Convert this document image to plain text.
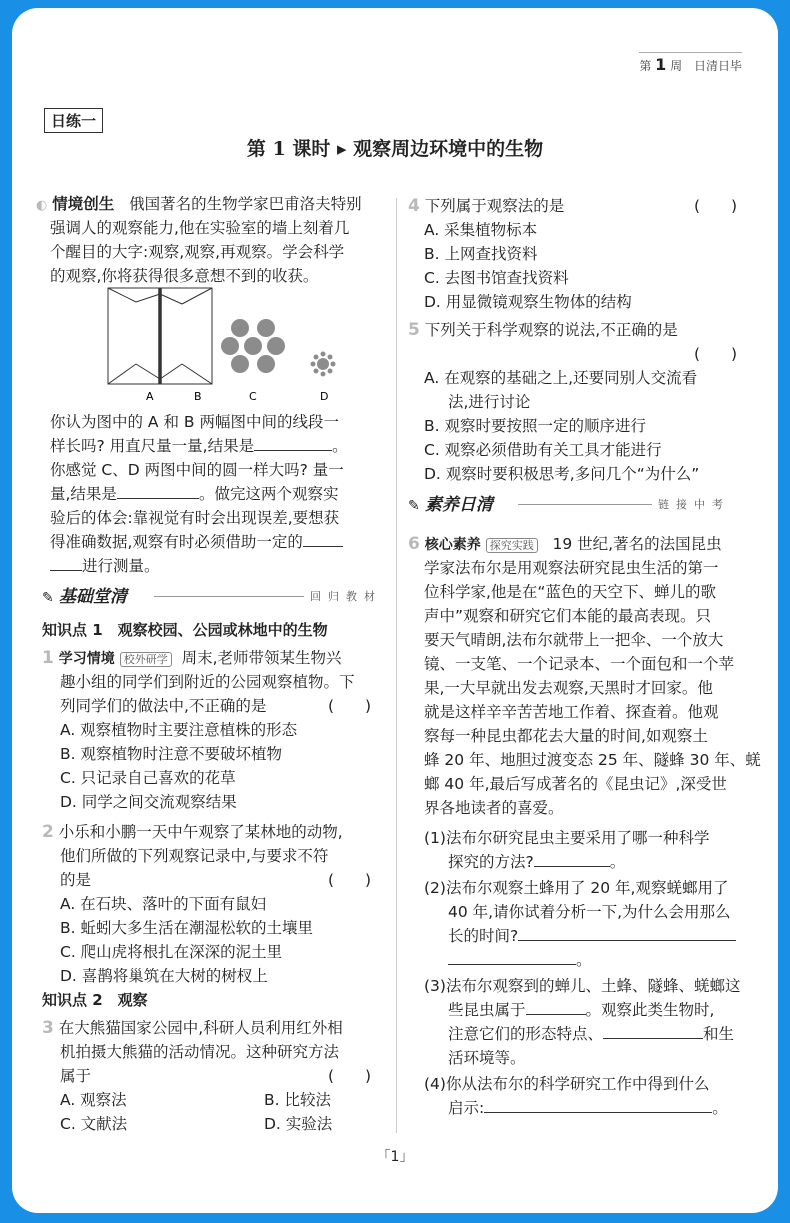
第 1 周 日清日毕
日练一
第 1 课时 ▸ 观察周边环境中的生物
◐ 情境创生 俄国著名的生物学家巴甫洛夫特别
强调人的观察能力,他在实验室的墙上刻着几
个醒目的大字:观察,观察,再观察。学会科学
的观察,你将获得很多意想不到的收获。
A	B	C	D
你认为图中的 A 和 B 两幅图中间的线段一
样长吗? 用直尺量一量,结果是	。
你感觉 C、D 两图中间的圆一样大吗? 量一
量,结果是	。做完这两个观察实
验后的体会:靠视觉有时会出现误差,要想获
得准确数据,观察有时必须借助一定的
进行测量。
✎ 基础堂清	回归教材
知识点 1　观察校园、公园或林地中的生物
1 学习情境 校外研学 周末,老师带领某生物兴
趣小组的同学们到附近的公园观察植物。下
列同学们的做法中,不正确的是	(　　)
A. 观察植物时主要注意植株的形态
B. 观察植物时注意不要破坏植物
C. 只记录自己喜欢的花草
D. 同学之间交流观察结果
2 小乐和小鹏一天中午观察了某林地的动物,
他们所做的下列观察记录中,与要求不符
的是	(　　)
A. 在石块、落叶的下面有鼠妇
B. 蚯蚓大多生活在潮湿松软的土壤里
C. 爬山虎将根扎在深深的泥土里
D. 喜鹊将巢筑在大树的树杈上
知识点 2　观察
3 在大熊猫国家公园中,科研人员利用红外相
机拍摄大熊猫的活动情况。这种研究方法
属于	(　　)
A. 观察法	B. 比较法
C. 文献法	D. 实验法
4 下列属于观察法的是	(　　)
A. 采集植物标本
B. 上网查找资料
C. 去图书馆查找资料
D. 用显微镜观察生物体的结构
5 下列关于科学观察的说法,不正确的是
(　　)
A. 在观察的基础之上,还要同别人交流看
法,进行讨论
B. 观察时要按照一定的顺序进行
C. 观察必须借助有关工具才能进行
D. 观察时要积极思考,多问几个“为什么”
✎ 素养日清	链接中考
6 核心素养 探究实践 19 世纪,著名的法国昆虫
学家法布尔是用观察法研究昆虫生活的第一
位科学家,他是在“蓝色的天空下、蝉儿的歌
声中”观察和研究它们本能的最高表现。只
要天气晴朗,法布尔就带上一把伞、一个放大
镜、一支笔、一个记录本、一个面包和一个苹
果,一大早就出发去观察,天黑时才回家。他
就是这样辛辛苦苦地工作着、探查着。他观
察每一种昆虫都花去大量的时间,如观察土
蜂 20 年、地胆过渡变态 25 年、隧蜂 30 年、蜣
螂 40 年,最后写成著名的《昆虫记》,深受世
界各地读者的喜爱。
(1)法布尔研究昆虫主要采用了哪一种科学
探究的方法?	。
(2)法布尔观察土蜂用了 20 年,观察蜣螂用了
40 年,请你试着分析一下,为什么会用那么
长的时间?
。
(3)法布尔观察到的蝉儿、土蜂、隧蜂、蜣螂这
些昆虫属于	。观察此类生物时,
注意它们的形态特点、	和生
活环境等。
(4)你从法布尔的科学研究工作中得到什么
启示:	。
「1」
